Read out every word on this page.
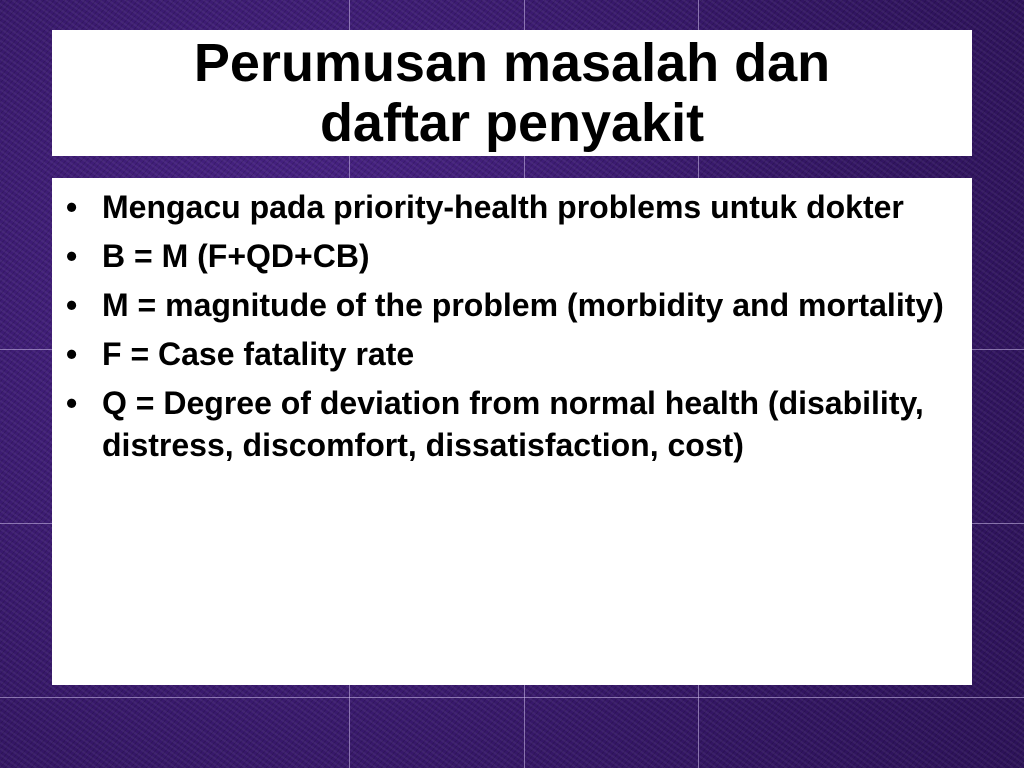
Perumusan masalah dan daftar penyakit
• Mengacu pada priority-health problems untuk dokter
• B = M (F+QD+CB)
• M = magnitude of the problem (morbidity and mortality)
• F = Case fatality rate
• Q = Degree of deviation from normal health (disability, distress, discomfort, dissatisfaction, cost)
